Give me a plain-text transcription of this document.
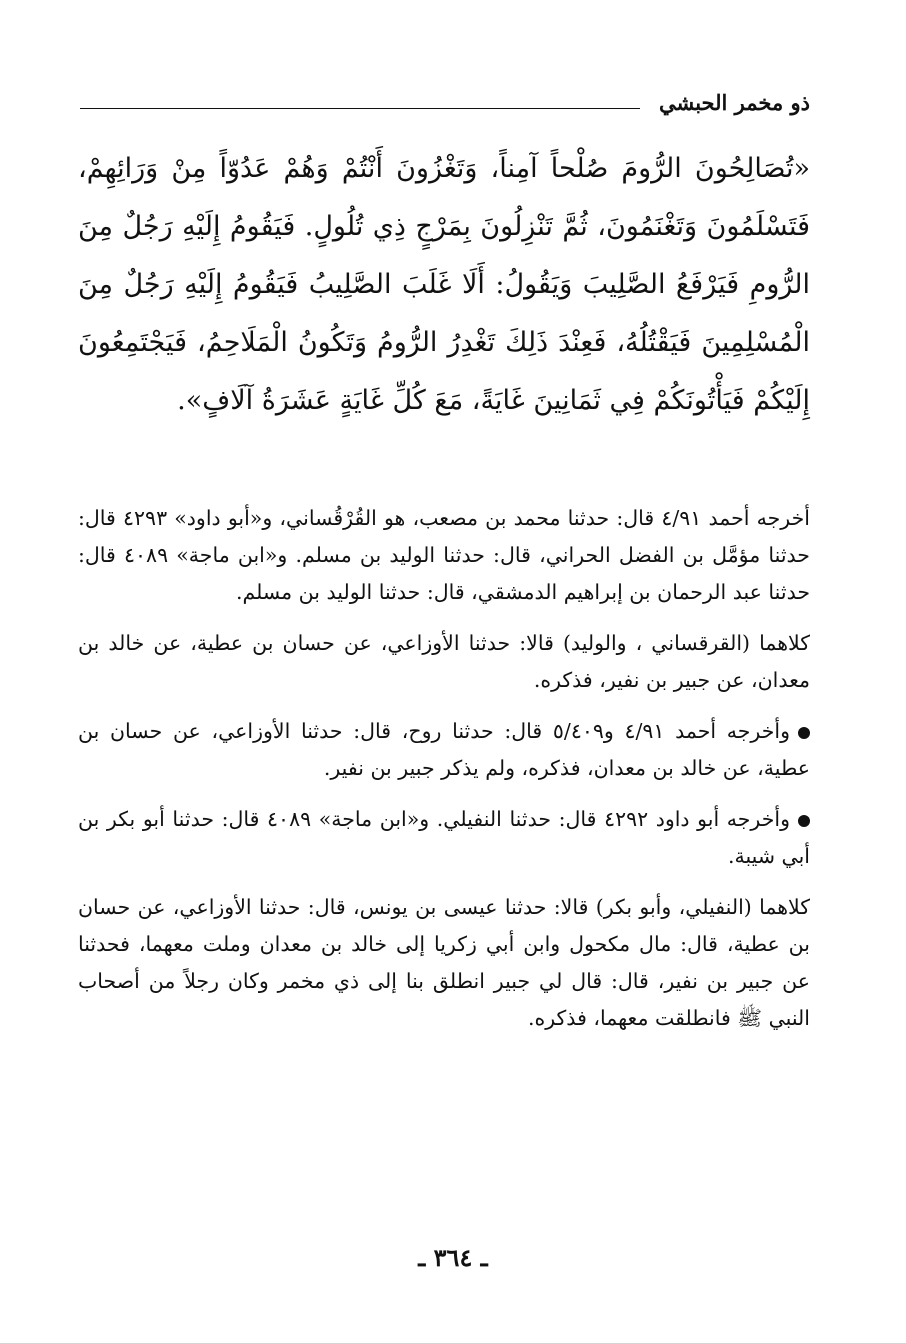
ذو مخمر الحبشي

«تُصَالِحُونَ الرُّومَ صُلْحاً آمِناً، وَتَغْزُونَ أَنْتُمْ وَهُمْ عَدُوّاً مِنْ وَرَائِهِمْ، فَتَسْلَمُونَ وَتَغْنَمُونَ، ثُمَّ تَنْزِلُونَ بِمَرْجٍ ذِي تُلُولٍ. فَيَقُومُ إِلَيْهِ رَجُلٌ مِنَ الرُّومِ فَيَرْفَعُ الصَّلِيبَ وَيَقُولُ: أَلَا غَلَبَ الصَّلِيبُ فَيَقُومُ إِلَيْهِ رَجُلٌ مِنَ الْمُسْلِمِينَ فَيَقْتُلُهُ، فَعِنْدَ ذَلِكَ تَغْدِرُ الرُّومُ وَتَكُونُ الْمَلَاحِمُ، فَيَجْتَمِعُونَ إِلَيْكُمْ فَيَأْتُونَكُمْ فِي ثَمَانِينَ غَايَةً، مَعَ كُلِّ غَايَةٍ عَشَرَةُ آلَافٍ».

أخرجه أحمد ٤/٩١ قال: حدثنا محمد بن مصعب، هو القُرْقُساني، و«أبو داود» ٤٢٩٣ قال: حدثنا مؤمَّل بن الفضل الحراني، قال: حدثنا الوليد بن مسلم. و«ابن ماجة» ٤٠٨٩ قال: حدثنا عبد الرحمان بن إبراهيم الدمشقي، قال: حدثنا الوليد بن مسلم.

كلاهما (القرقساني ، والوليد) قالا: حدثنا الأوزاعي، عن حسان بن عطية، عن خالد بن معدان، عن جبير بن نفير، فذكره.

وأخرجه أحمد ٤/٩١ و٥/٤٠٩ قال: حدثنا روح، قال: حدثنا الأوزاعي، عن حسان بن عطية، عن خالد بن معدان، فذكره، ولم يذكر جبير بن نفير.

وأخرجه أبو داود ٤٢٩٢ قال: حدثنا النفيلي. و«ابن ماجة» ٤٠٨٩ قال: حدثنا أبو بكر بن أبي شيبة.

كلاهما (النفيلي، وأبو بكر) قالا: حدثنا عيسى بن يونس، قال: حدثنا الأوزاعي، عن حسان بن عطية، قال: مال مكحول وابن أبي زكريا إلى خالد بن معدان وملت معهما، فحدثنا عن جبير بن نفير، قال: قال لي جبير انطلق بنا إلى ذي مخمر وكان رجلاً من أصحاب النبي ﷺ فانطلقت معهما، فذكره.

ـ ٣٦٤ ـ
